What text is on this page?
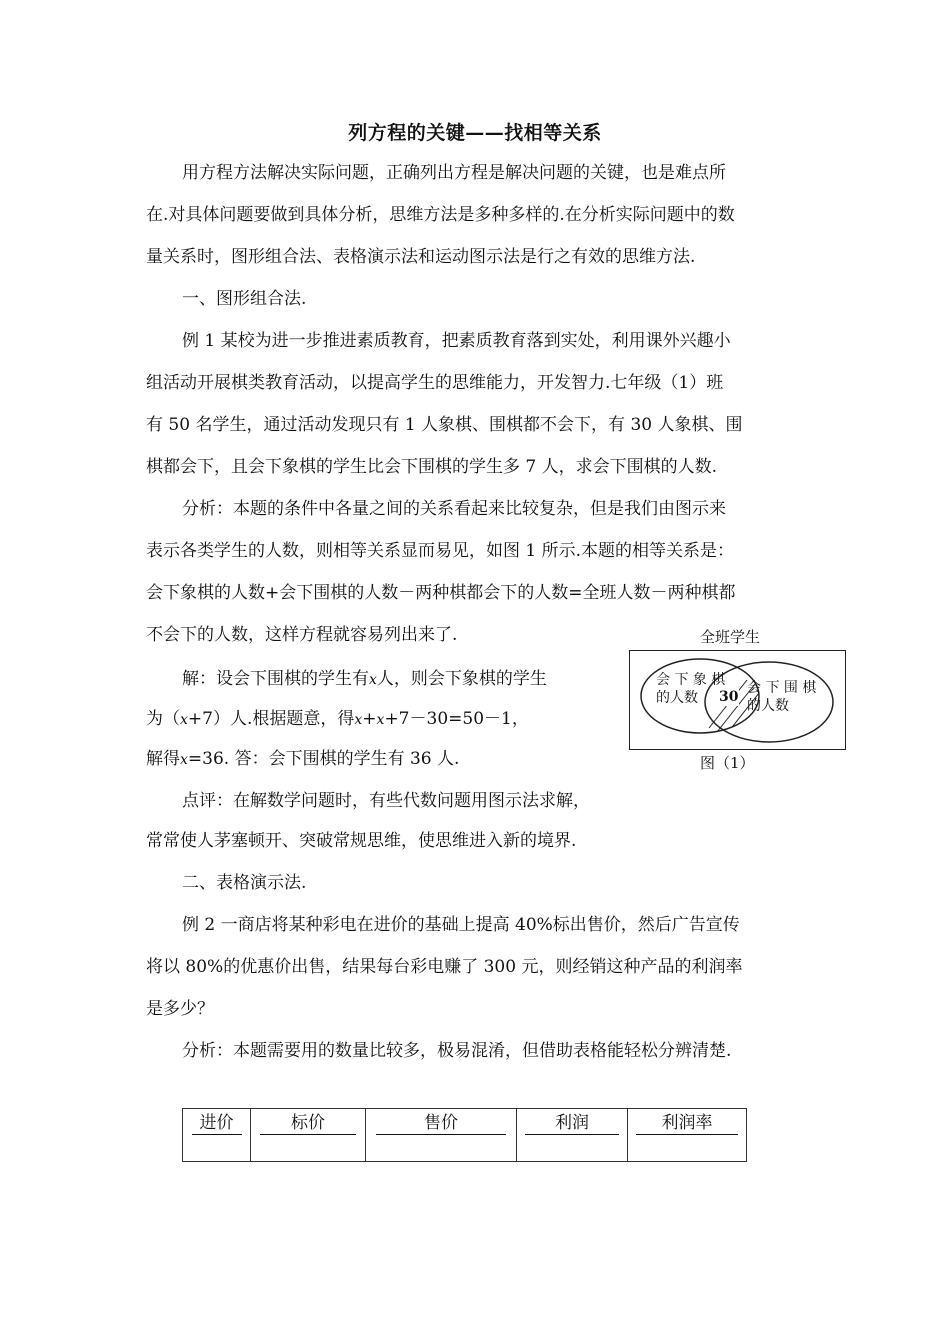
列方程的关键——找相等关系
用方程方法解决实际问题，正确列出方程是解决问题的关键，也是难点所
在.对具体问题要做到具体分析，思维方法是多种多样的.在分析实际问题中的数
量关系时，图形组合法、表格演示法和运动图示法是行之有效的思维方法.
一、图形组合法.
例 1 某校为进一步推进素质教育，把素质教育落到实处，利用课外兴趣小
组活动开展棋类教育活动，以提高学生的思维能力，开发智力.七年级（1）班
有 50 名学生，通过活动发现只有 1 人象棋、围棋都不会下，有 30 人象棋、围
棋都会下，且会下象棋的学生比会下围棋的学生多 7 人，求会下围棋的人数.
分析：本题的条件中各量之间的关系看起来比较复杂，但是我们由图示来
表示各类学生的人数，则相等关系显而易见，如图 1 所示.本题的相等关系是：
会下象棋的人数+会下围棋的人数－两种棋都会下的人数=全班人数－两种棋都
不会下的人数，这样方程就容易列出来了.
解：设会下围棋的学生有x人，则会下象棋的学生
为（x+7）人.根据题意，得x+x+7－30=50－1，
解得x=36. 答：会下围棋的学生有 36 人.
点评：在解数学问题时，有些代数问题用图示法求解，
常常使人茅塞顿开、突破常规思维，使思维进入新的境界.
全班学生
会 下 象 棋
的人数
会 下 围 棋
的人数
30
图（1）
二、表格演示法.
例 2 一商店将某种彩电在进价的基础上提高 40%标出售价，然后广告宣传
将以 80%的优惠价出售，结果每台彩电赚了 300 元，则经销这种产品的利润率
是多少？
分析：本题需要用的数量比较多，极易混淆，但借助表格能轻松分辨清楚.
进价	标价	售价	利润	利润率
